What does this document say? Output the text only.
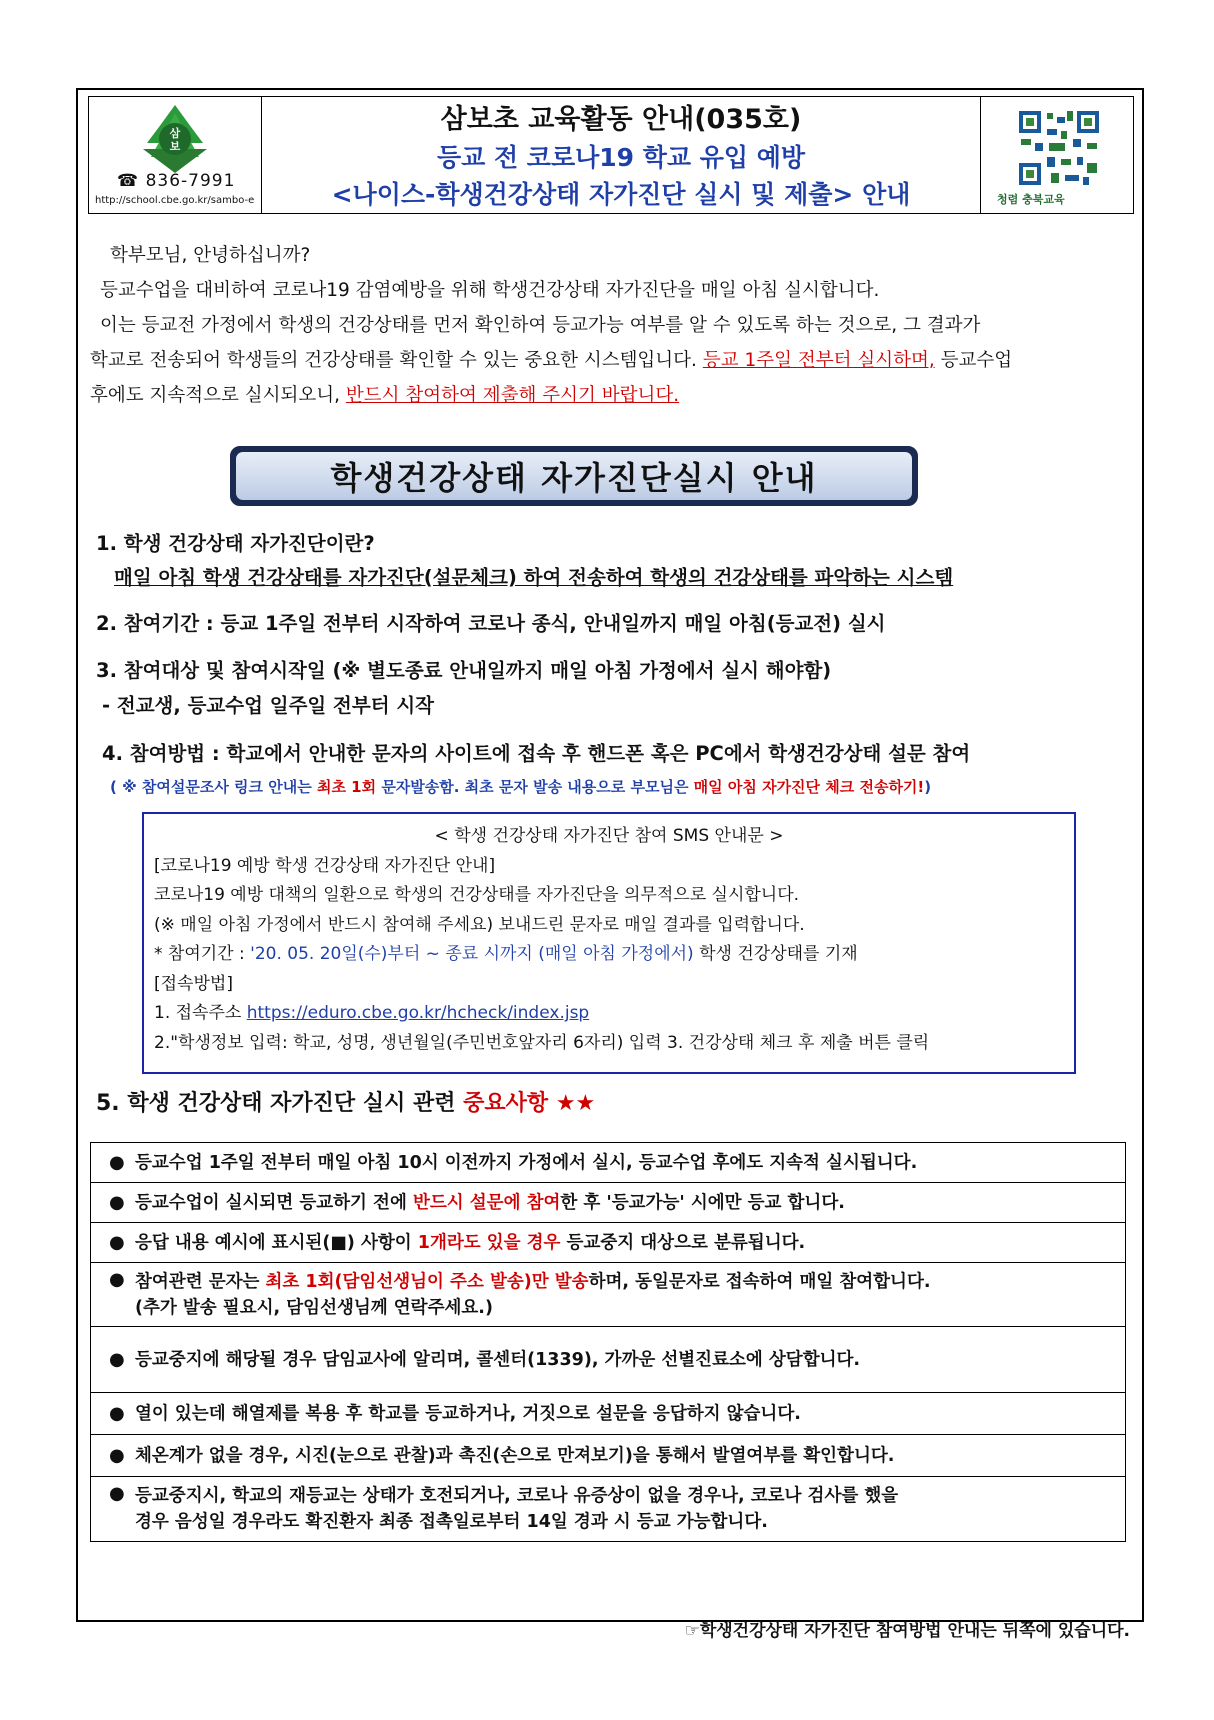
삼
보
☎ 836-7991
http://school.cbe.go.kr/sambo-e
삼보초 교육활동 안내(035호)
등교 전 코로나19 학교 유입 예방
<나이스-학생건강상태 자가진단 실시 및 제출> 안내	청렴 충북교육

학부모님, 안녕하십니까?

등교수업을 대비하여 코로나19 감염예방을 위해 학생건강상태 자가진단을 매일 아침 실시합니다.

이는 등교전 가정에서 학생의 건강상태를 먼저 확인하여 등교가능 여부를 알 수 있도록 하는 것으로, 그 결과가

학교로 전송되어 학생들의 건강상태를 확인할 수 있는 중요한 시스템입니다. 등교 1주일 전부터 실시하며, 등교수업

후에도 지속적으로 실시되오니, 반드시 참여하여 제출해 주시기 바랍니다.

학생건강상태 자가진단실시 안내
1. 학생 건강상태 자가진단이란?
매일 아침 학생 건강상태를 자가진단(설문체크) 하여 전송하여 학생의 건강상태를 파악하는 시스템
2. 참여기간 : 등교 1주일 전부터 시작하여 코로나 종식, 안내일까지 매일 아침(등교전) 실시
3. 참여대상 및 참여시작일 (※ 별도종료 안내일까지 매일 아침 가정에서 실시 해야함)
- 전교생, 등교수업 일주일 전부터 시작
4. 참여방법 : 학교에서 안내한 문자의 사이트에 접속 후 핸드폰 혹은 PC에서 학생건강상태 설문 참여
( ※ 참여설문조사 링크 안내는 최초 1회 문자발송함. 최초 문자 발송 내용으로 부모님은 매일 아침 자가진단 체크 전송하기!)

< 학생 건강상태 자가진단 참여 SMS 안내문 >

[코로나19 예방 학생 건강상태 자가진단 안내]

코로나19 예방 대책의 일환으로 학생의 건강상태를 자가진단을 의무적으로 실시합니다.

(※ 매일 아침 가정에서 반드시 참여해 주세요) 보내드린 문자로 매일 결과를 입력합니다.

* 참여기간 : '20. 05. 20일(수)부터 ~ 종료 시까지 (매일 아침 가정에서) 학생 건강상태를 기재

[접속방법]

1. 접속주소 https://eduro.cbe.go.kr/hcheck/index.jsp

2."학생정보 입력: 학교, 성명, 생년월일(주민번호앞자리 6자리) 입력 3. 건강상태 체크 후 제출 버튼 클릭

5. 학생 건강상태 자가진단 실시 관련 중요사항 ★★
● 등교수업 1주일 전부터 매일 아침 10시 이전까지 가정에서 실시, 등교수업 후에도 지속적 실시됩니다.
● 등교수업이 실시되면 등교하기 전에 반드시 설문에 참여한 후 '등교가능' 시에만 등교 합니다.
● 응답 내용 예시에 표시된(■) 사항이 1개라도 있을 경우 등교중지 대상으로 분류됩니다.
● 참여관련 문자는 최초 1회(담임선생님이 주소 발송)만 발송하며, 동일문자로 접속하여 매일 참여합니다.
(추가 발송 필요시, 담임선생님께 연락주세요.)
● 등교중지에 해당될 경우 담임교사에 알리며, 콜센터(1339), 가까운 선별진료소에 상담합니다.
● 열이 있는데 해열제를 복용 후 학교를 등교하거나, 거짓으로 설문을 응답하지 않습니다.
● 체온계가 없을 경우, 시진(눈으로 관찰)과 촉진(손으로 만져보기)을 통해서 발열여부를 확인합니다.
● 등교중지시, 학교의 재등교는 상태가 호전되거나, 코로나 유증상이 없을 경우나, 코로나 검사를 했을
경우 음성일 경우라도 확진환자 최종 접촉일로부터 14일 경과 시 등교 가능합니다.
☞학생건강상태 자가진단 참여방법 안내는 뒤쪽에 있습니다.
